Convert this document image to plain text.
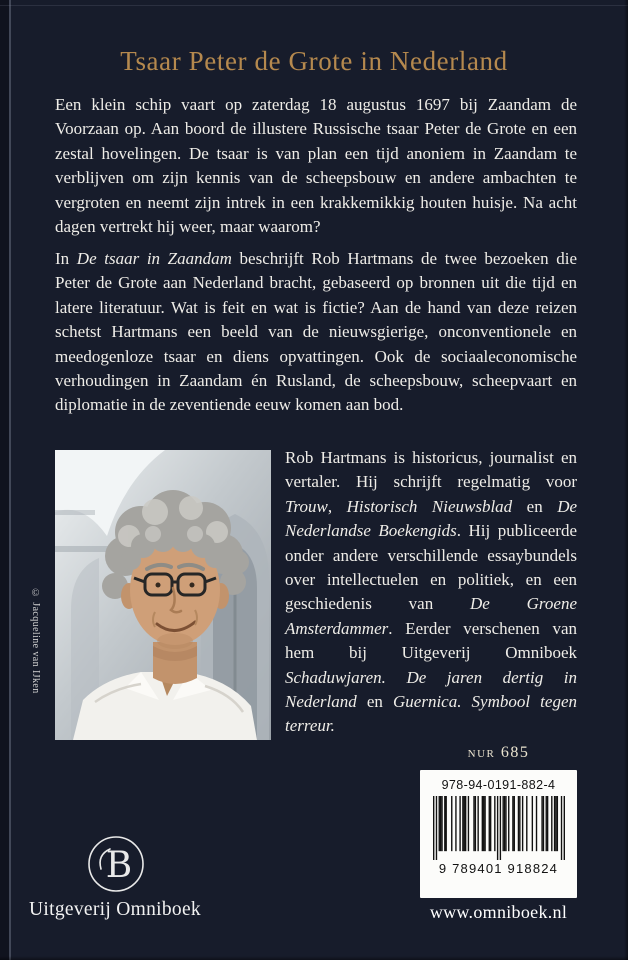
Tsaar Peter de Grote in Nederland

Een klein schip vaart op zaterdag 18 augustus 1697 bij Zaandam de Voorzaan op. Aan boord de illustere Russische tsaar Peter de Grote en een zestal hovelingen. De tsaar is van plan een tijd anoniem in Zaandam te verblijven om zijn kennis van de scheepsbouw en andere ambachten te vergroten en neemt zijn intrek in een krakkemikkig houten huisje. Na acht dagen vertrekt hij weer, maar waarom?

In De tsaar in Zaandam beschrijft Rob Hartmans de twee bezoeken die Peter de Grote aan Nederland bracht, gebaseerd op bronnen uit die tijd en latere literatuur. Wat is feit en wat is fictie? Aan de hand van deze reizen schetst Hartmans een beeld van de nieuwsgierige, onconventionele en meedogenloze tsaar en diens opvattingen. Ook de sociaaleconomische verhoudingen in Zaandam én Rusland, de scheepsbouw, scheepvaart en diplomatie in de zeventiende eeuw komen aan bod.

© Jacqueline van IJken

Rob Hartmans is historicus, journalist en vertaler. Hij schrijft regelmatig voor Trouw, Historisch Nieuwsblad en De Nederlandse Boekengids. Hij publiceerde onder andere verschillende essaybundels over intellectuelen en politiek, en een geschiedenis van De Groene Amsterdammer. Eerder verschenen van hem bij Uitgeverij Omniboek Schaduwjaren. De jaren dertig in Nederland en Guernica. Symbool tegen terreur.

nur 685
978-94-0191-882-4
9 789401 918824
www.omniboek.nl
B
Uitgeverij Omniboek
